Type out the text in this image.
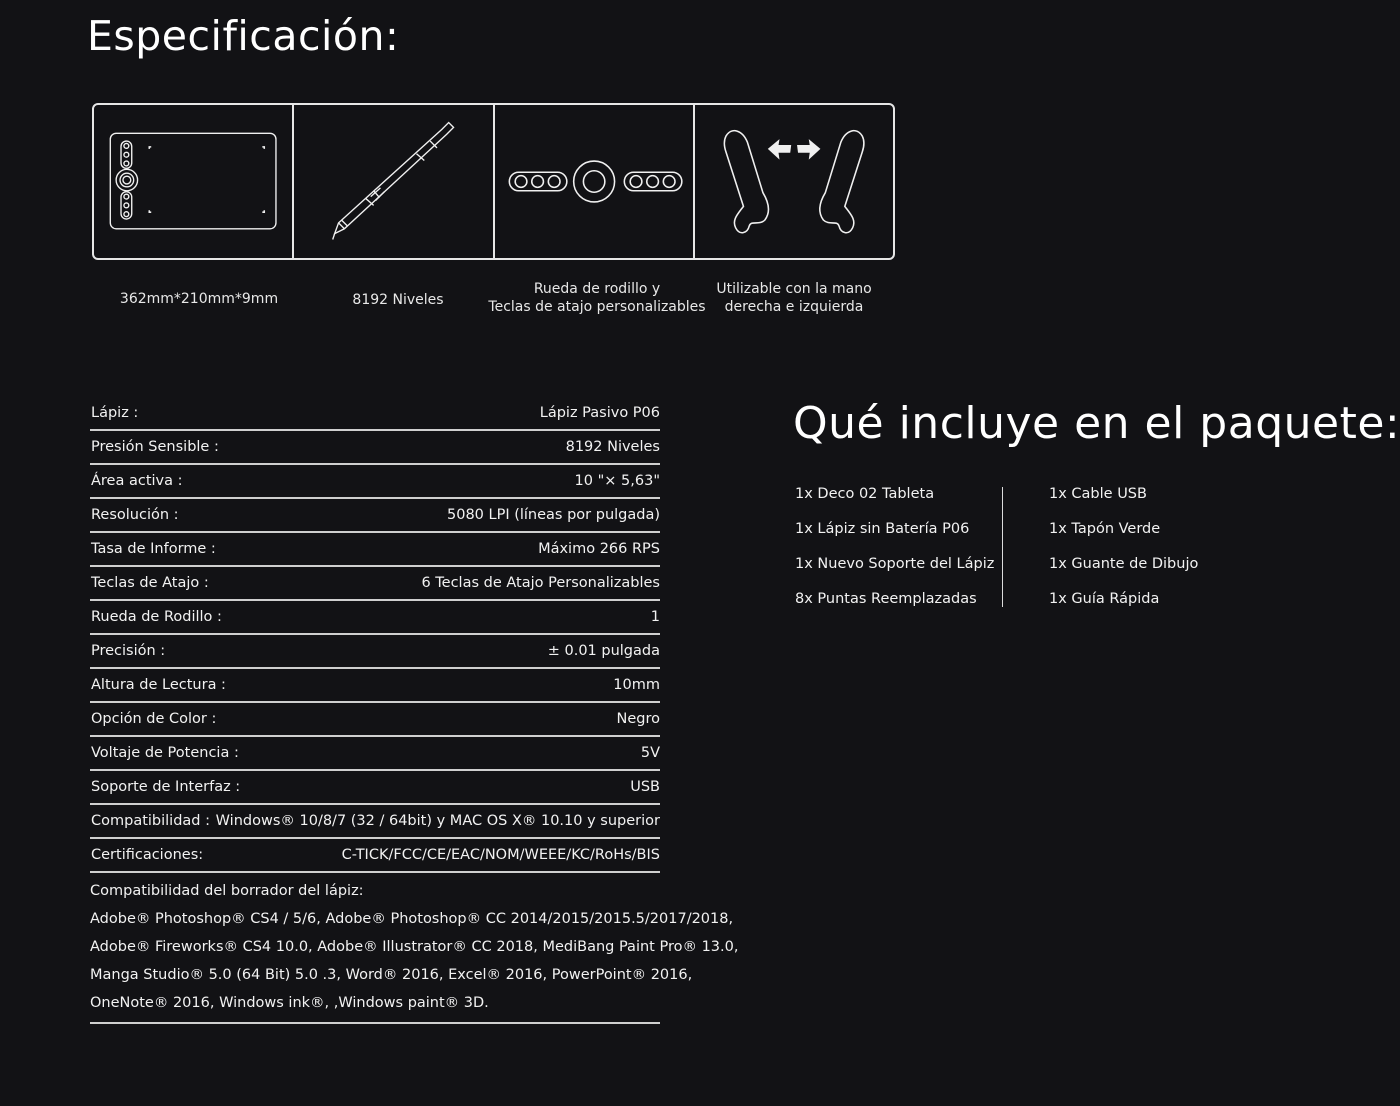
Especificación:
362mm*210mm*9mm	8192 Niveles
Rueda de rodillo y
Teclas de atajo personalizables
Utilizable con la mano
derecha e izquierda
Lápiz :	Lápiz Pasivo P06
Presión Sensible :	8192 Niveles
Área activa :	10 "× 5,63"
Resolución :	5080 LPI (líneas por pulgada)
Tasa de Informe :	Máximo 266 RPS
Teclas de Atajo :	6 Teclas de Atajo Personalizables
Rueda de Rodillo :	1
Precisión :	± 0.01 pulgada
Altura de Lectura :	10mm
Opción de Color :	Negro
Voltaje de Potencia :	5V
Soporte de Interfaz :	USB
Compatibilidad : Windows® 10/8/7 (32 / 64bit) y MAC OS X® 10.10 y superior
Certificaciones:	C-TICK/FCC/CE/EAC/NOM/WEEE/KC/RoHs/BIS
Compatibilidad del borrador del lápiz:
Adobe® Photoshop® CS4 / 5/6, Adobe® Photoshop® CC 2014/2015/2015.5/2017/2018,
Adobe® Fireworks® CS4 10.0, Adobe® Illustrator® CC 2018, MediBang Paint Pro® 13.0,
Manga Studio® 5.0 (64 Bit) 5.0 .3, Word® 2016, Excel® 2016, PowerPoint® 2016,
OneNote® 2016, Windows ink®, ,Windows paint® 3D.
Qué incluye en el paquete:
1x Deco 02 Tableta
1x Lápiz sin Batería P06
1x Nuevo Soporte del Lápiz
8x Puntas Reemplazadas
1x Cable USB
1x Tapón Verde
1x Guante de Dibujo
1x Guía Rápida
